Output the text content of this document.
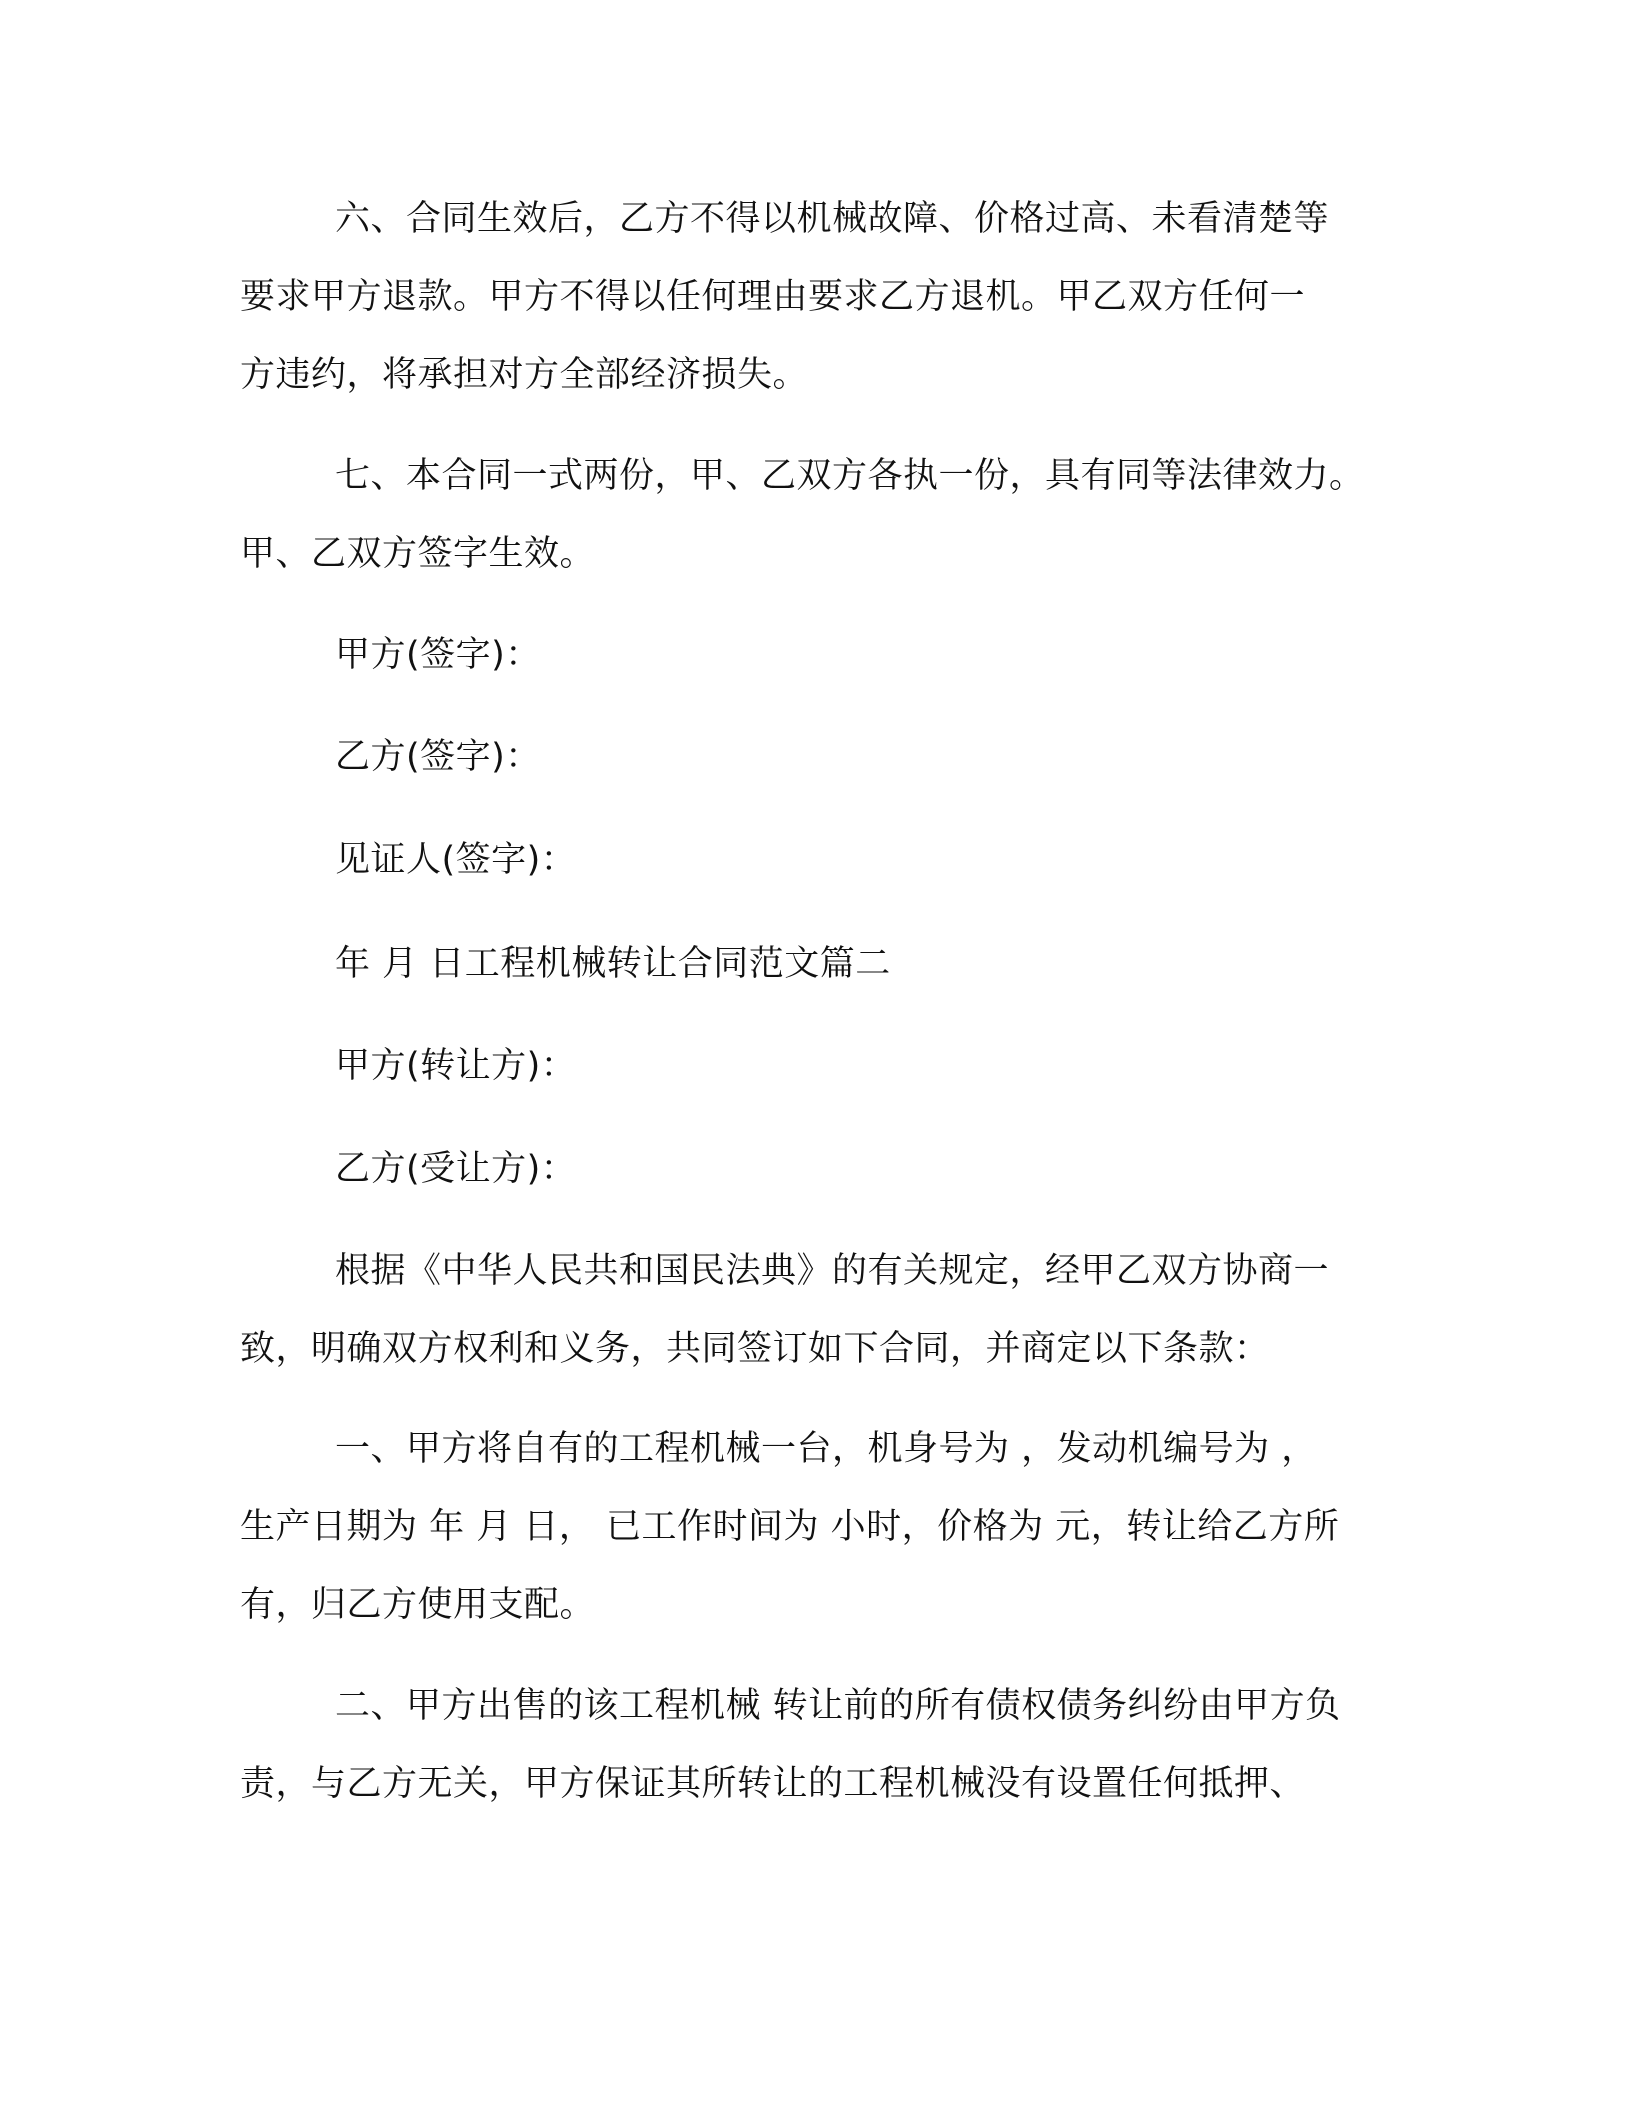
六、合同生效后，乙方不得以机械故障、价格过高、未看清楚等
要求甲方退款。甲方不得以任何理由要求乙方退机。甲乙双方任何一
方违约，将承担对方全部经济损失。

七、本合同一式两份，甲、乙双方各执一份，具有同等法律效力。
甲、乙双方签字生效。

甲方(签字)：

乙方(签字)：

见证人(签字)：

年 月 日工程机械转让合同范文篇二

甲方(转让方)：

乙方(受让方)：

根据《中华人民共和国民法典》的有关规定，经甲乙双方协商一
致，明确双方权利和义务，共同签订如下合同，并商定以下条款：

一、甲方将自有的工程机械一台，机身号为 ，发动机编号为 ，
生产日期为 年 月 日， 已工作时间为 小时，价格为 元，转让给乙方所
有，归乙方使用支配。

二、甲方出售的该工程机械 转让前的所有债权债务纠纷由甲方负
责，与乙方无关，甲方保证其所转让的工程机械没有设置任何抵押、
